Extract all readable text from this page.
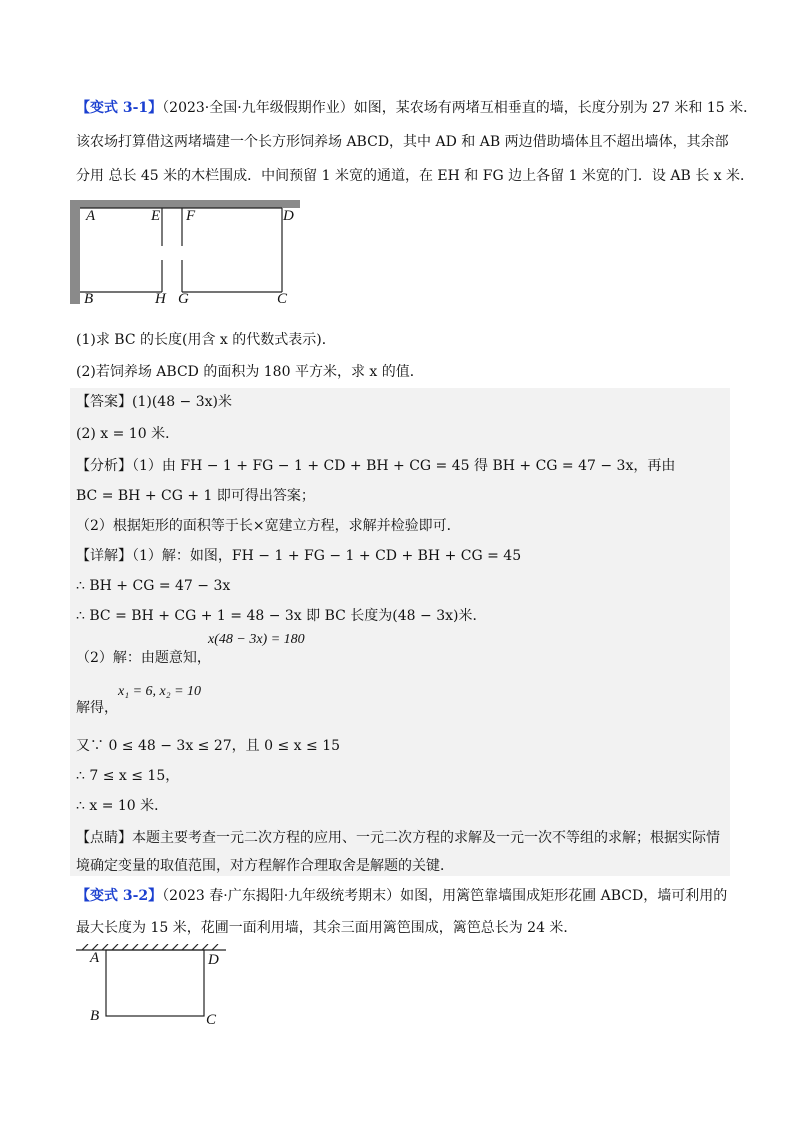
【变式 3-1】（2023·全国·九年级假期作业）如图，某农场有两堵互相垂直的墙，长度分别为 27 米和 15 米．
该农场打算借这两堵墙建一个长方形饲养场 ABCD，其中 AD 和 AB 两边借助墙体且不超出墙体，其余部
分用 总长 45 米的木栏围成．中间预留 1 米宽的通道，在 EH 和 FG 边上各留 1 米宽的门．设 AB 长 x 米．
A	E F	D
B	H G	C
(1)求 BC 的长度(用含 x 的代数式表示)．
(2)若饲养场 ABCD 的面积为 180 平方米，求 x 的值．
【答案】(1)(48 − 3x)米
(2) x = 10 米．
【分析】（1）由 FH − 1 + FG − 1 + CD + BH + CG = 45 得 BH + CG = 47 − 3x，再由
BC = BH + CG + 1 即可得出答案；
（2）根据矩形的面积等于长×宽建立方程，求解并检验即可．
【详解】（1）解：如图，FH − 1 + FG − 1 + CD + BH + CG = 45
∴ BH + CG = 47 − 3x
∴ BC = BH + CG + 1 = 48 − 3x 即 BC 长度为(48 − 3x)米．
x(48 − 3x) = 180
（2）解：由题意知，
x₁ = 6, x₂ = 10
解得，
又∵ 0 ≤ 48 − 3x ≤ 27，且 0 ≤ x ≤ 15
∴ 7 ≤ x ≤ 15，
∴ x = 10 米．
【点睛】本题主要考查一元二次方程的应用、一元二次方程的求解及一元一次不等组的求解；根据实际情
境确定变量的取值范围，对方程解作合理取舍是解题的关键．
【变式 3-2】（2023 春·广东揭阳·九年级统考期末）如图，用篱笆靠墙围成矩形花圃 ABCD，墙可利用的
最大长度为 15 米，花圃一面利用墙，其余三面用篱笆围成，篱笆总长为 24 米．
A	D
B	C
